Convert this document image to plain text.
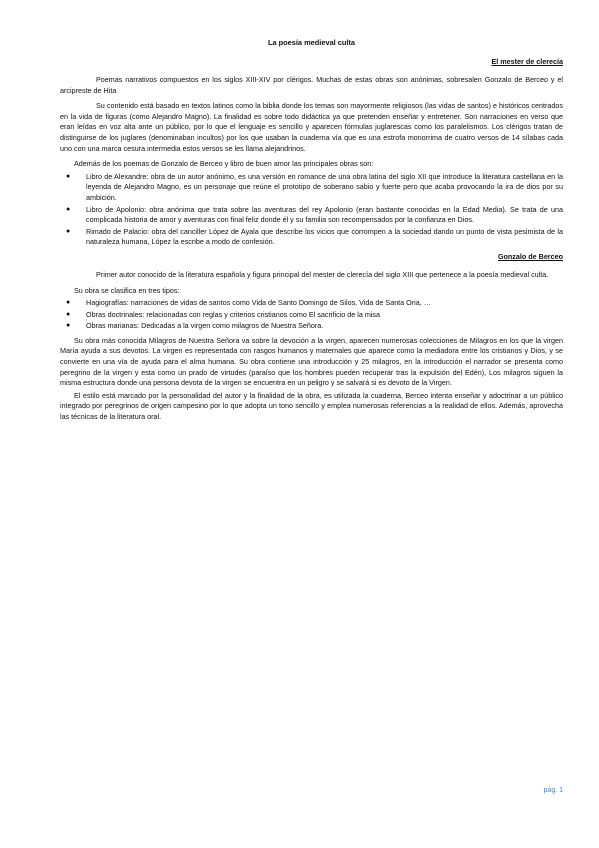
La poesía medieval culta
El mester de clerecía

Poemas narrativos compuestos en los siglos XIII-XIV por clérigos. Muchas de estas obras son anónimas, sobresalen Gonzalo de Berceo y el arcipreste de Hita

Su contenido está basado en textos latinos como la biblia donde los temas son mayormente religiosos (las vidas de santos) e históricos centrados en la vida de figuras (como Alejandro Magno). La finalidad es sobre todo didáctica ya que pretenden enseñar y entretener. Son narraciones en verso que eran leídas en voz alta ante un público, por lo que el lenguaje es sencillo y aparecen fórmulas juglarescas como los paralelismos. Los clérigos tratan de distinguirse de los juglares (denominaban incultos) por los que usaban la cuaderna vía que es una estrofa monorrima de cuatro versos de 14 sílabas cada uno con una marca cesura intermedia estos versos se les llama alejandrinos.

Además de los poemas de Gonzalo de Berceo y libro de buen amor las principales obras son:

● Libro de Alexandre: obra de un autor anónimo, es una versión en romance de una obra latina del siglo XII que introduce la literatura castellana en la leyenda de Alejandro Magno, es un personaje que reúne el prototipo de soberano sabio y fuerte pero que acaba provocando la ira de dios por su ambición.
● Libro de Apolonio: obra anónima que trata sobre las aventuras del rey Apolonio (eran bastante conocidas en la Edad Media). Se trata de una complicada historia de amor y aventuras con final feliz donde él y su familia son recompensados por la confianza en Dios.
● Rimado de Palacio: obra del canciller López de Ayala que describe los vicios que corrompen a la sociedad dando un punto de vista pesimista de la naturaleza humana, López la escribe a modo de confesión.
Gonzalo de Berceo

Primer autor conocido de la literatura española y figura principal del mester de clerecía del siglo XIII que pertenece a la poesía medieval culta.

Su obra se clasifica en tres tipos:

● Hagiografías: narraciones de vidas de santos como Vida de Santo Domingo de Silos, Vida de Santa Oria, …
● Obras doctrinales: relacionadas con reglas y criterios cristianos como El sacrificio de la misa
● Obras marianas: Dedicadas a la virgen como milagros de Nuestra Señora.

Su obra más conocida Milagros de Nuestra Señora va sobre la devoción a la virgen, aparecen numerosas colecciones de Milagros en los que la virgen María ayuda a sus devotos. La virgen es representada con rasgos humanos y maternales que aparece como la mediadora entre los cristianos y Dios, y se convierte en una vía de ayuda para el alma humana. Su obra contiene una introducción y 25 milagros, en la introducción el narrador se presenta como peregrino de la virgen y esta como un prado de virtudes (paraíso que los hombres pueden recuperar tras la expulsión del Edén), Los milagros siguen la misma estructura donde una persona devota de la virgen se encuentra en un peligro y se salvará si es devoto de la Virgen.

El estilo está marcado por la personalidad del autor y la finalidad de la obra, es utilizada la cuaderna, Berceo intenta enseñar y adoctrinar a un público integrado por peregrinos de origen campesino por lo que adopta un tono sencillo y emplea numerosas referencias a la realidad de ellos. Además, aprovecha las técnicas de la literatura oral.

pág. 1
